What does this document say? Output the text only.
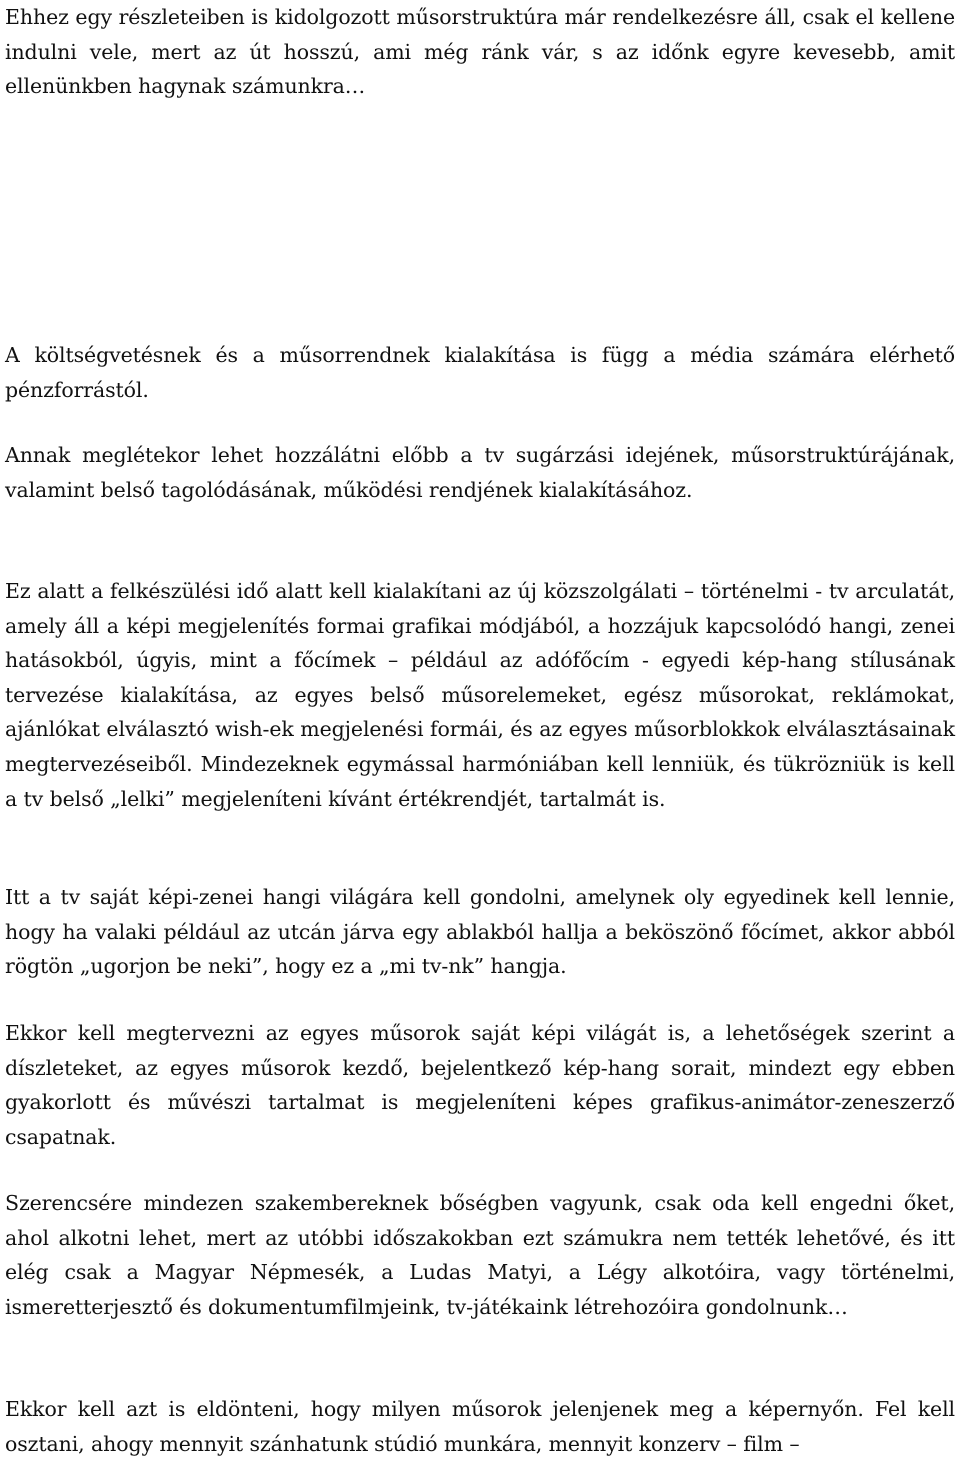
Ehhez egy részleteiben is kidolgozott műsorstruktúra már rendelkezésre áll, csak el kellene indulni vele, mert az út hosszú, ami még ránk vár, s az időnk egyre kevesebb, amit ellenünkben hagynak számunkra…

A költségvetésnek és a műsorrendnek kialakítása is függ a média számára elérhető pénzforrástól.

Annak meglétekor lehet hozzálátni előbb a tv sugárzási idejének, műsorstruktúrájának, valamint belső tagolódásának, működési rendjének kialakításához.

Ez alatt a felkészülési idő alatt kell kialakítani az új közszolgálati – történelmi - tv arculatát, amely áll a képi megjelenítés formai grafikai módjából, a hozzájuk kapcsolódó hangi, zenei hatásokból, úgyis, mint a főcímek – például az adófőcím - egyedi kép-hang stílusának tervezése kialakítása, az egyes belső műsorelemeket, egész műsorokat, reklámokat, ajánlókat elválasztó wish-ek megjelenési formái, és az egyes műsorblokkok elválasztásainak megtervezéseiből. Mindezeknek egymással harmóniában kell lenniük, és tükrözniük is kell a tv belső „lelki” megjeleníteni kívánt értékrendjét, tartalmát is.

Itt a tv saját képi-zenei hangi világára kell gondolni, amelynek oly egyedinek kell lennie, hogy ha valaki például az utcán járva egy ablakból hallja a beköszönő főcímet, akkor abból rögtön „ugorjon be neki”, hogy ez a „mi tv-nk” hangja.

Ekkor kell megtervezni az egyes műsorok saját képi világát is, a lehetőségek szerint a díszleteket, az egyes műsorok kezdő, bejelentkező kép-hang sorait, mindezt egy ebben gyakorlott és művészi tartalmat is megjeleníteni képes grafikus-animátor-zeneszerző csapatnak.

Szerencsére mindezen szakembereknek bőségben vagyunk, csak oda kell engedni őket, ahol alkotni lehet, mert az utóbbi időszakokban ezt számukra nem tették lehetővé, és itt elég csak a Magyar Népmesék, a Ludas Matyi, a Légy alkotóira, vagy történelmi, ismeretterjesztő és dokumentumfilmjeink, tv-játékaink létrehozóira gondolnunk…

Ekkor kell azt is eldönteni, hogy milyen műsorok jelenjenek meg a képernyőn. Fel kell osztani, ahogy mennyit szánhatunk stúdió munkára, mennyit konzerv – film –
